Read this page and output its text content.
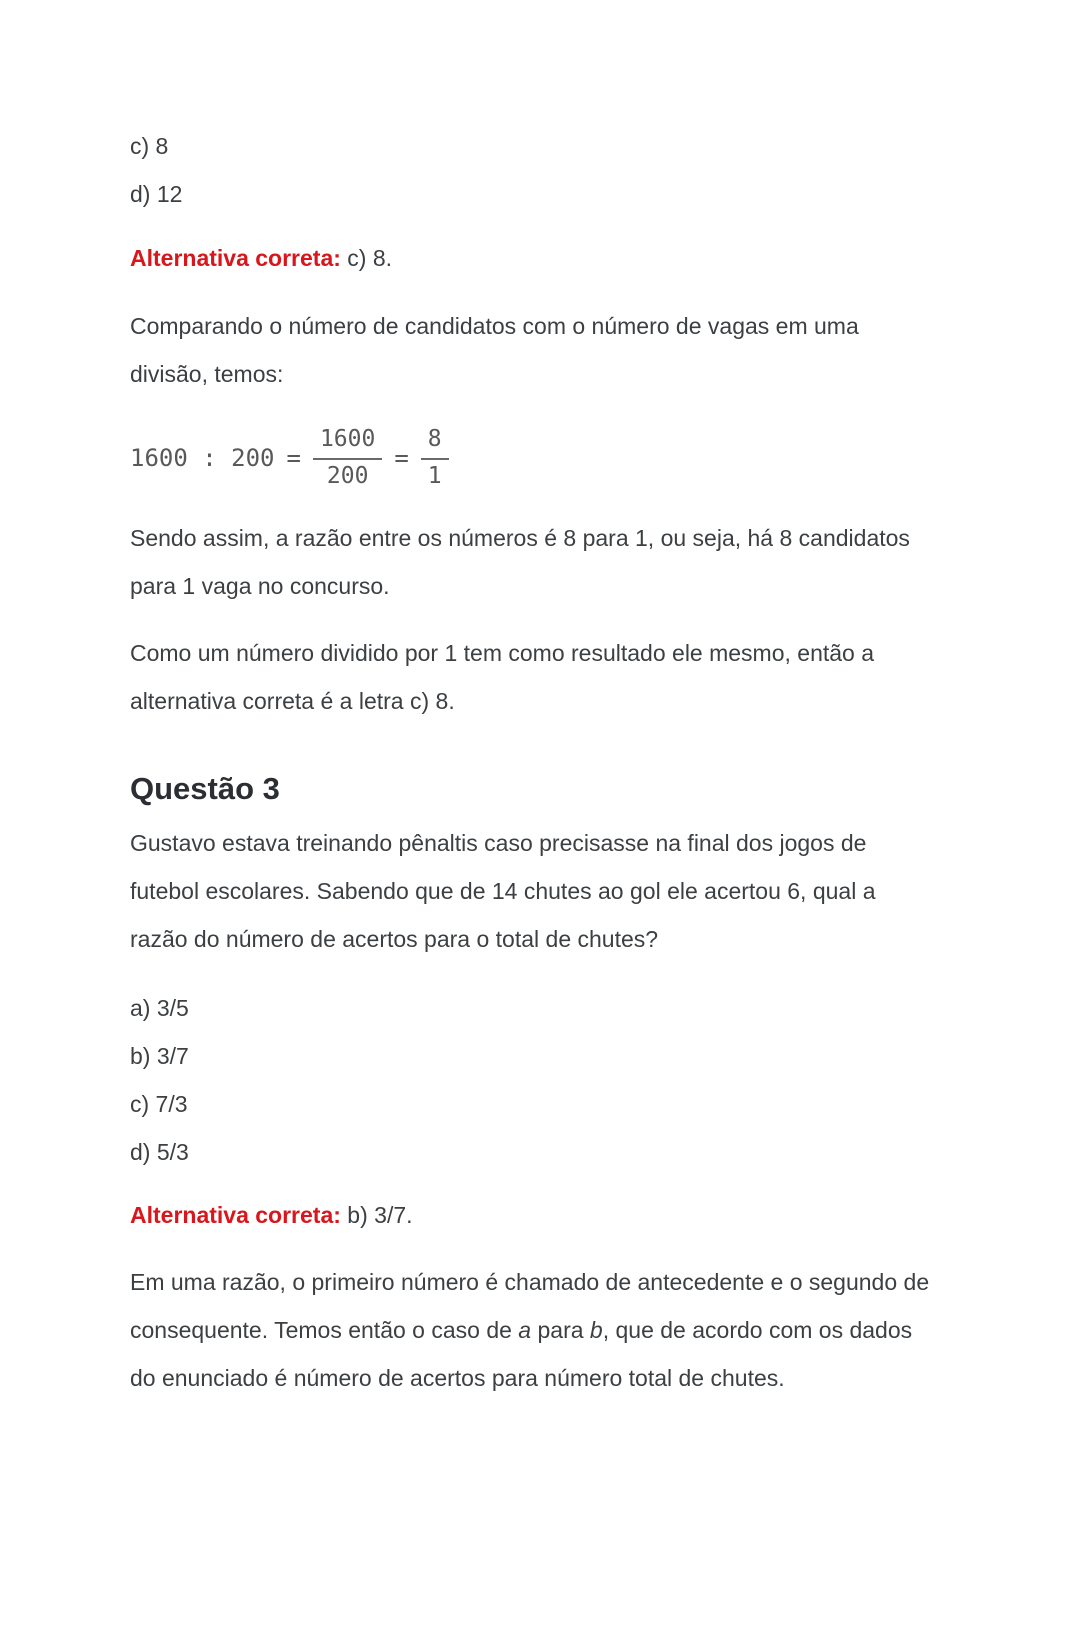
c) 8
d) 12
Alternativa correta: c) 8.
Comparando o número de candidatos com o número de vagas em uma
divisão, temos:
1600 : $200 = \frac{1600}{200} = \frac{8}{1}$
Sendo assim, a razão entre os números é 8 para 1, ou seja, há 8 candidatos
para 1 vaga no concurso.
Como um número dividido por 1 tem como resultado ele mesmo, então a
alternativa correta é a letra c) 8.
Questão 3
Gustavo estava treinando pênaltis caso precisasse na final dos jogos de
futebol escolares. Sabendo que de 14 chutes ao gol ele acertou 6, qual a
razão do número de acertos para o total de chutes?
a) 3/5
b) 3/7
c) 7/3
d) 5/3
Alternativa correta: b) 3/7.
Em uma razão, o primeiro número é chamado de antecedente e o segundo de
consequente. Temos então o caso de a para b, que de acordo com os dados
do enunciado é número de acertos para número total de chutes.
